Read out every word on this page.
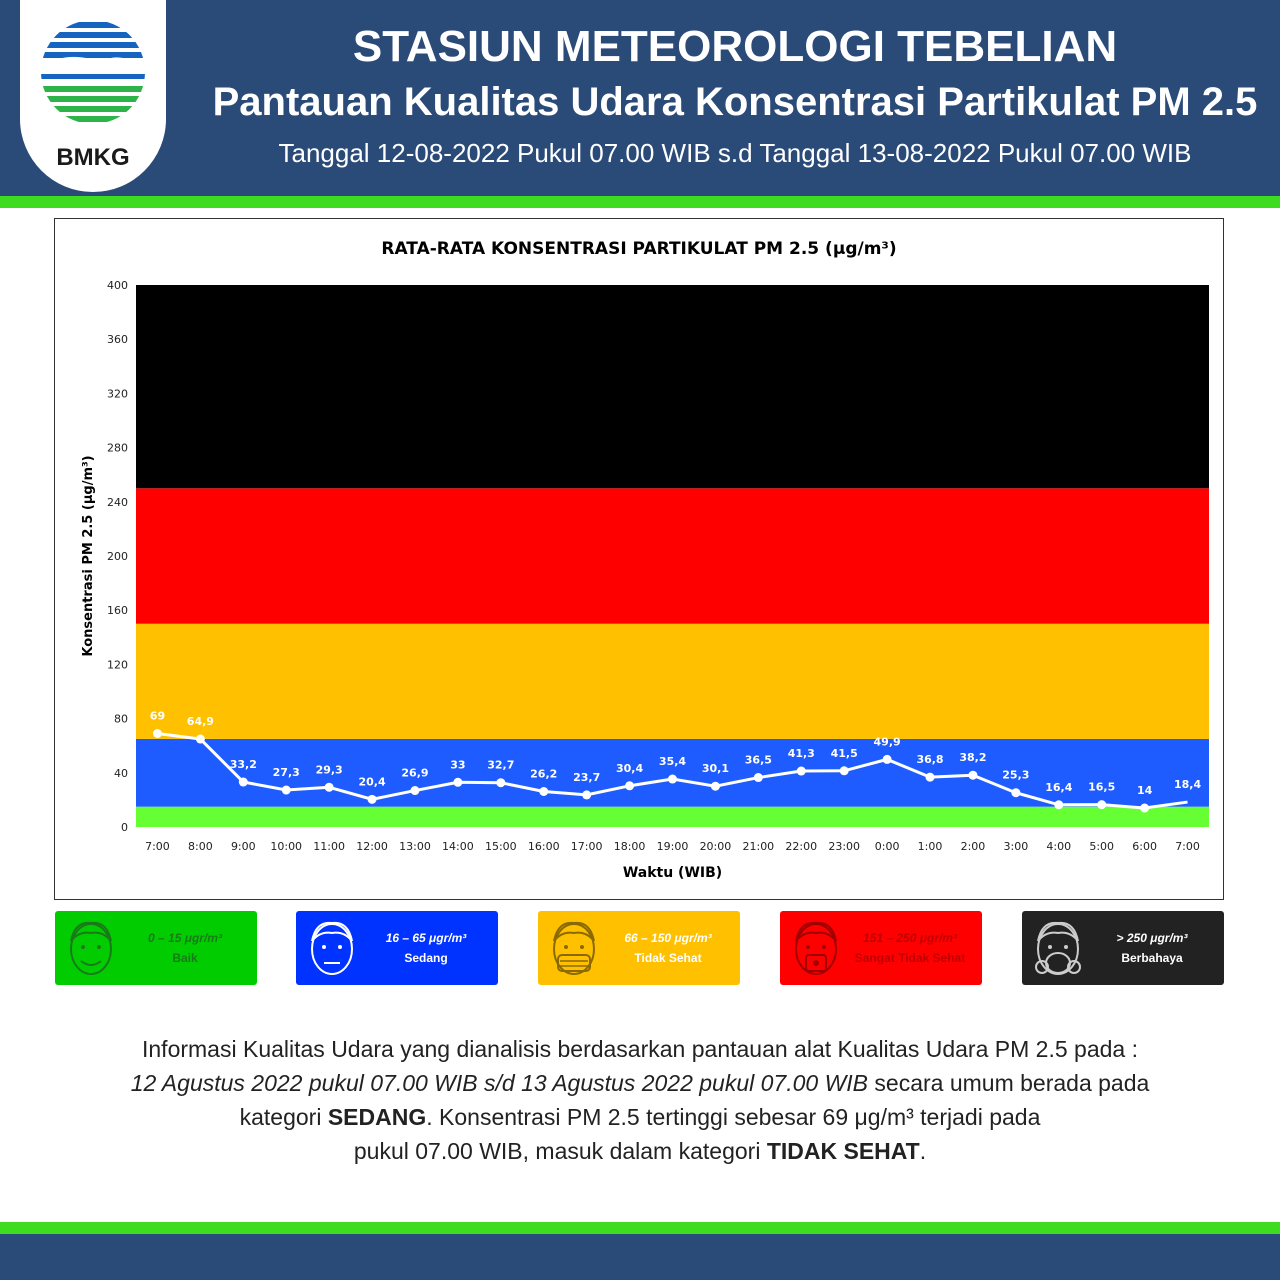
BMKG
STASIUN METEOROLOGI TEBELIAN
Pantauan Kualitas Udara Konsentrasi Partikulat PM 2.5
Tanggal 12-08-2022 Pukul 07.00 WIB s.d Tanggal 13-08-2022 Pukul 07.00 WIB
RATA-RATA KONSENTRASI PARTIKULAT PM 2.5 (μg/m³)
0
40
80
120
160
200
240
280
320
360
400
Konsentrasi PM 2.5 (μg/m³)
7:00 8:00 9:00 10:00 11:00 12:00 13:00 14:00 15:00 16:00 17:00 18:00 19:00 20:00 21:00 22:00 23:00 0:00 1:00 2:00 3:00 4:00 5:00 6:00 7:00
Waktu (WIB)
69 64,9
33,2
27,3 29,3
20,4
26,9
33 32,7
26,2 23,7
30,4
35,4
30,1
36,5
41,3 41,5
49,9
36,8 38,2
25,3
16,4 16,5 14 18,4
0 – 15 μgr/m³
Baik
16 – 65 μgr/m³
Sedang
66 – 150 μgr/m³
Tidak Sehat
151 – 250 μgr/m³
Sangat Tidak Sehat
> 250 μgr/m³
Berbahaya
Informasi Kualitas Udara yang dianalisis berdasarkan pantauan alat Kualitas Udara PM 2.5 pada :
12 Agustus 2022 pukul 07.00 WIB s/d 13 Agustus 2022 pukul 07.00 WIB secara umum berada pada
kategori SEDANG. Konsentrasi PM 2.5 tertinggi sebesar 69 μg/m³ terjadi pada
pukul 07.00 WIB, masuk dalam kategori TIDAK SEHAT.
